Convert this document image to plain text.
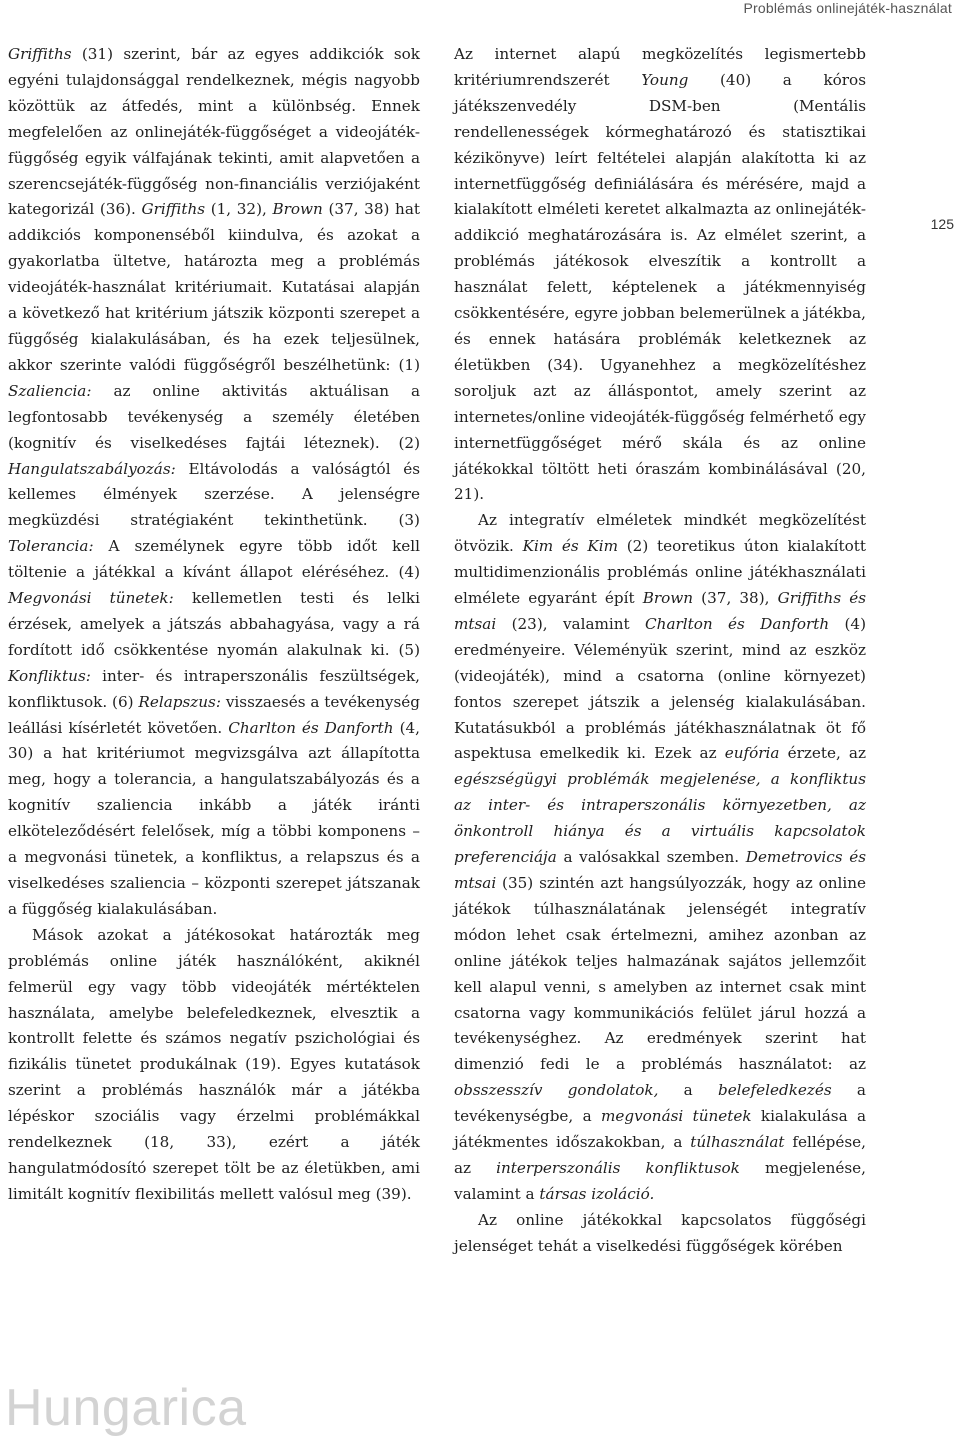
Problémás onlinejáték-használat
125

Griffiths (31) szerint, bár az egyes addikciók sok egyéni tulajdonsággal rendelkeznek, mégis nagyobb közöttük az átfedés, mint a különbség. Ennek megfelelően az onlinejáték-függőséget a videojáték-függőség egyik válfajának tekinti, amit alapvetően a szerencsejáték-függőség non-financiális verziójaként kategorizál (36). Griffiths (1, 32), Brown (37, 38) hat addikciós komponenséből kiindulva, és azokat a gyakorlatba ültetve, határozta meg a problémás videojáték-használat kritériumait. Kutatásai alapján a következő hat kritérium játszik központi szerepet a függőség kialakulásában, és ha ezek teljesülnek, akkor szerinte valódi függőségről beszélhetünk: (1) Szaliencia: az online aktivitás aktuálisan a legfontosabb tevékenység a személy életében (kognitív és viselkedéses fajtái léteznek). (2) Hangulatszabályozás: Eltávolodás a valóságtól és kellemes élmények szerzése. A jelenségre megküzdési stratégiaként tekinthetünk. (3) Tolerancia: A személynek egyre több időt kell töltenie a játékkal a kívánt állapot eléréséhez. (4) Megvonási tünetek: kellemetlen testi és lelki érzések, amelyek a játszás abbahagyása, vagy a rá fordított idő csökkentése nyomán alakulnak ki. (5) Konfliktus: inter- és intraperszonális feszültségek, konfliktusok. (6) Relapszus: visszaesés a tevékenység leállási kísérletét követően. Charlton és Danforth (4, 30) a hat kritériumot megvizsgálva azt állapította meg, hogy a tolerancia, a hangulatszabályozás és a kognitív szaliencia inkább a játék iránti elköteleződésért felelősek, míg a többi komponens – a megvonási tünetek, a konfliktus, a relapszus és a viselkedéses szaliencia – központi szerepet játszanak a függőség kialakulásában.

Mások azokat a játékosokat határozták meg problémás online játék használóként, akiknél felmerül egy vagy több videojáték mértéktelen használata, amelybe belefeledkeznek, elvesztik a kontrollt felette és számos negatív pszichológiai és fizikális tünetet produkálnak (19). Egyes kutatások szerint a problémás használók már a játékba lépéskor szociális vagy érzelmi problémákkal rendelkeznek (18, 33), ezért a játék hangulatmódosító szerepet tölt be az életükben, ami limitált kognitív flexibilitás mellett valósul meg (39).

Az internet alapú megközelítés legismertebb kritériumrendszerét Young (40) a kóros játékszenvedély DSM-ben (Mentális rendellenességek kórmeghatározó és statisztikai kézikönyve) leírt feltételei alapján alakította ki az internetfüggőség definiálására és mérésére, majd a kialakított elméleti keretet alkalmazta az onlinejáték-addikció meghatározására is. Az elmélet szerint, a problémás játékosok elveszítik a kontrollt a használat felett, képtelenek a játékmennyiség csökkentésére, egyre jobban belemerülnek a játékba, és ennek hatására problémák keletkeznek az életükben (34). Ugyanehhez a megközelítéshez soroljuk azt az álláspontot, amely szerint az internetes/online videojáték-függőség felmérhető egy internetfüggőséget mérő skála és az online játékokkal töltött heti óraszám kombinálásával (20, 21).

Az integratív elméletek mindkét megközelítést ötvözik. Kim és Kim (2) teoretikus úton kialakított multidimenzionális problémás online játékhasználati elmélete egyaránt épít Brown (37, 38), Griffiths és mtsai (23), valamint Charlton és Danforth (4) eredményeire. Véleményük szerint, mind az eszköz (videojáték), mind a csatorna (online környezet) fontos szerepet játszik a jelenség kialakulásában. Kutatásukból a problémás játékhasználatnak öt fő aspektusa emelkedik ki. Ezek az eufória érzete, az egészségügyi problémák megjelenése, a konfliktus az inter- és intraperszonális környezetben, az önkontroll hiánya és a virtuális kapcsolatok preferenciája a valósakkal szemben. Demetrovics és mtsai (35) szintén azt hangsúlyozzák, hogy az online játékok túlhasználatának jelenségét integratív módon lehet csak értelmezni, amihez azonban az online játékok teljes halmazának sajátos jellemzőit kell alapul venni, s amelyben az internet csak mint csatorna vagy kommunikációs felület járul hozzá a tevékenységhez. Az eredmények szerint hat dimenzió fedi le a problémás használatot: az obsszesszív gondolatok, a belefeledkezés a tevékenységbe, a megvonási tünetek kialakulása a játékmentes időszakokban, a túlhasználat fellépése, az interperszonális konfliktusok megjelenése, valamint a társas izoláció.

Az online játékokkal kapcsolatos függőségi jelenséget tehát a viselkedési függőségek körében

Hungarica
